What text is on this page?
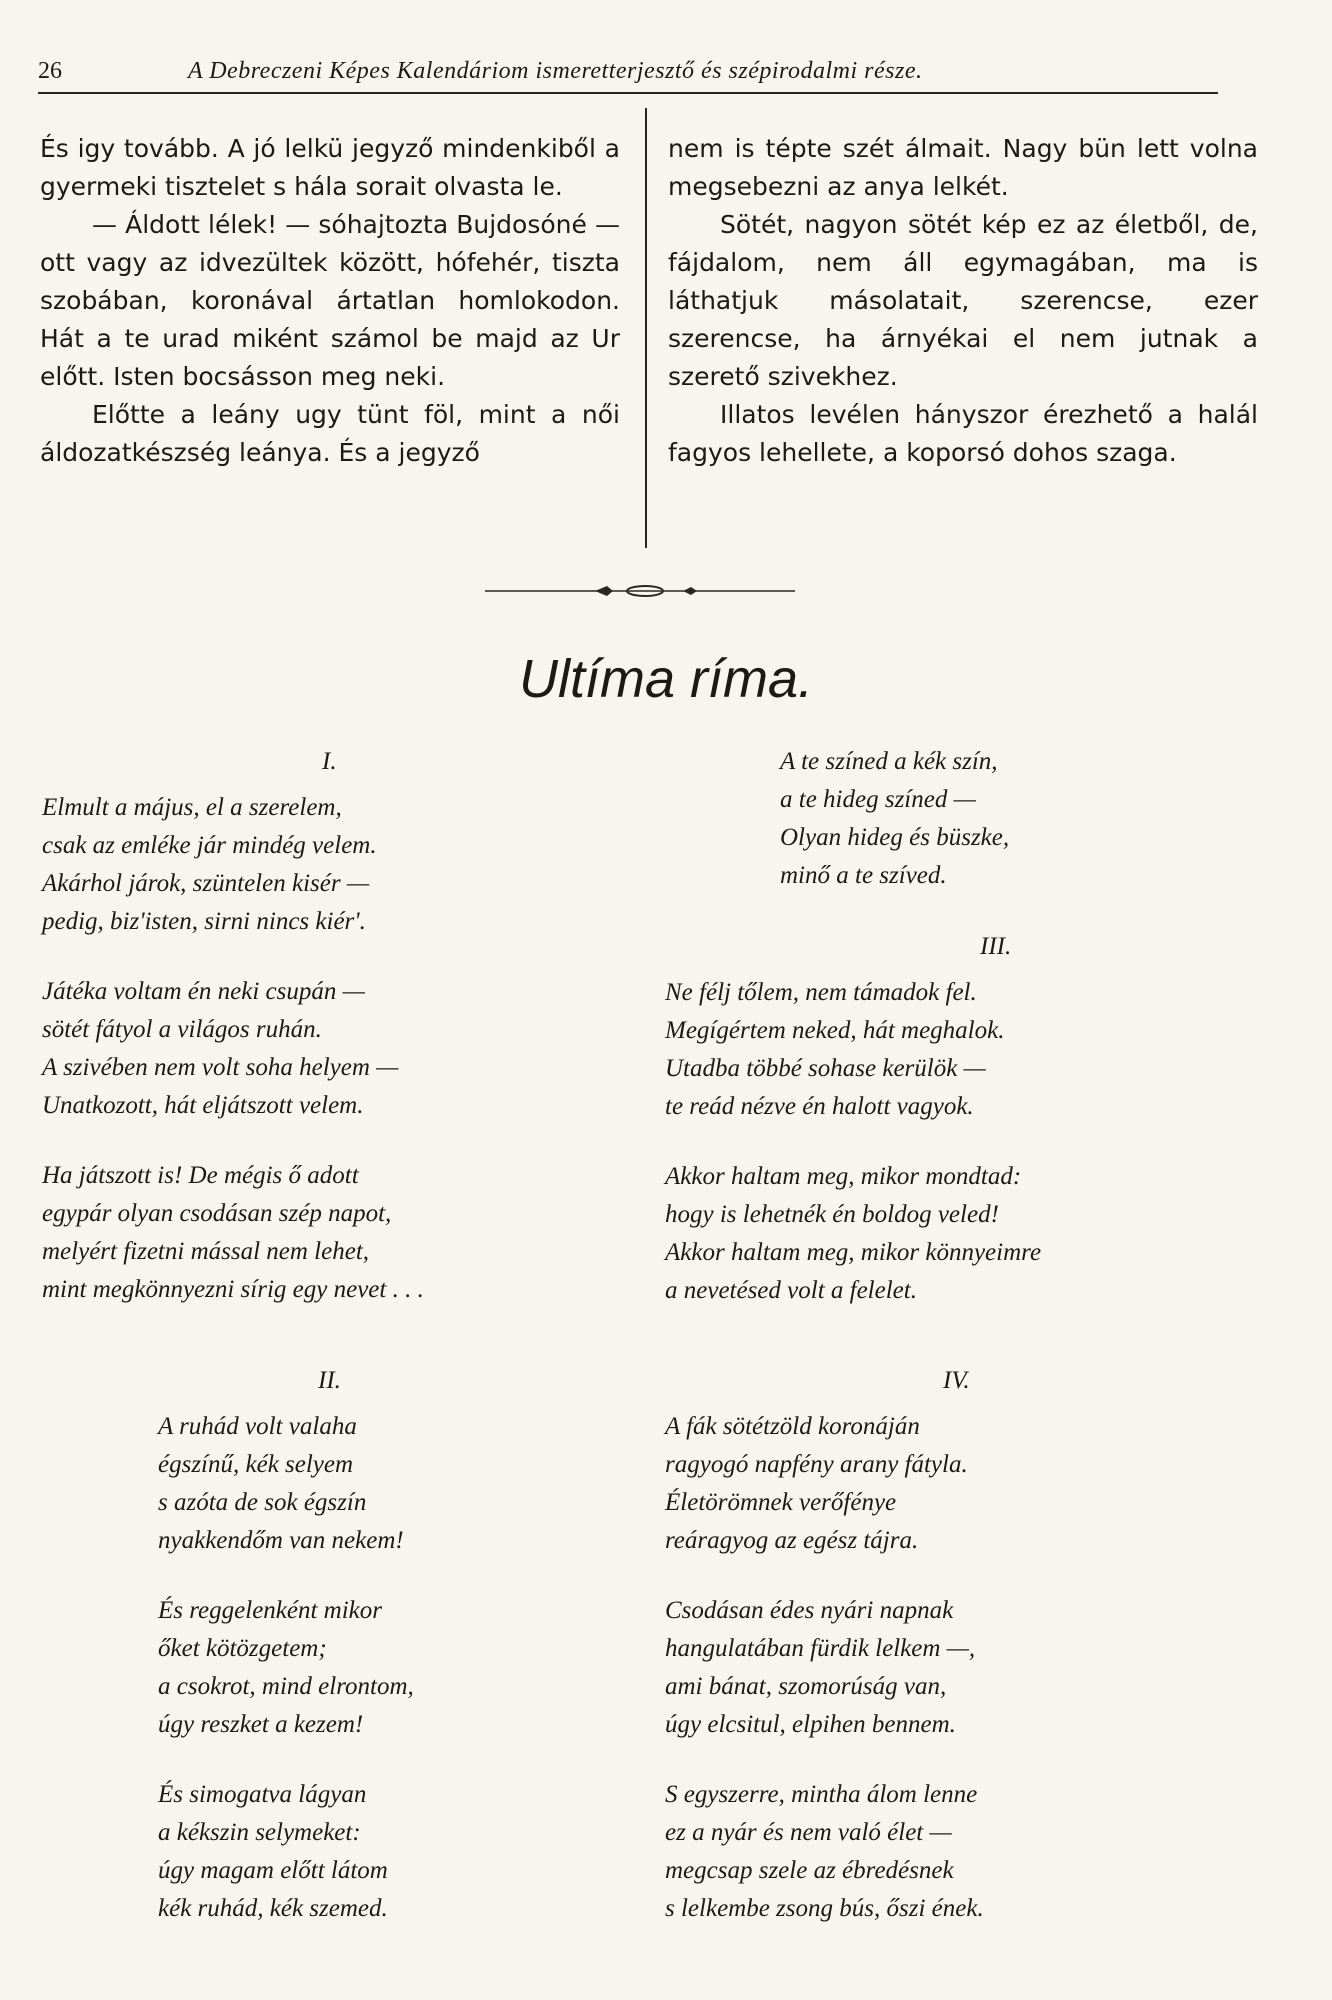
26	A Debreczeni Képes Kalendáriom ismeretterjesztő és szépirodalmi része.

És igy tovább. A jó lelkü jegyző mindenkiből a gyermeki tisztelet s hála sorait olvasta le.

— Áldott lélek! — sóhajtozta Bujdosóné — ott vagy az idvezültek között, hófehér, tiszta szobában, koronával ártatlan homlokodon. Hát a te urad miként számol be majd az Ur előtt. Isten bocsásson meg neki.

Előtte a leány ugy tünt föl, mint a női áldozatkészség leánya. És a jegyző

nem is tépte szét álmait. Nagy bün lett volna megsebezni az anya lelkét.

Sötét, nagyon sötét kép ez az életből, de, fájdalom, nem áll egymagában, ma is láthatjuk másolatait, szerencse, ezer szerencse, ha árnyékai el nem jutnak a szerető szivekhez.

Illatos levélen hányszor érezhető a halál fagyos lehellete, a koporsó dohos szaga.

Ultíma ríma.
I.
Elmult a május, el a szerelem,
csak az emléke jár mindég velem.
Akárhol járok, szüntelen kisér —
pedig, biz'isten, sirni nincs kiér'.
Játéka voltam én neki csupán —
sötét fátyol a világos ruhán.
A szivében nem volt soha helyem —
Unatkozott, hát eljátszott velem.
Ha játszott is! De mégis ő adott
egypár olyan csodásan szép napot,
melyért fizetni mással nem lehet,
mint megkönnyezni sírig egy nevet . . .
A te színed a kék szín,
a te hideg színed —
Olyan hideg és büszke,
minő a te szíved.
III.
Ne félj tőlem, nem támadok fel.
Megígértem neked, hát meghalok.
Utadba többé sohase kerülök —
te reád nézve én halott vagyok.
Akkor haltam meg, mikor mondtad:
hogy is lehetnék én boldog veled!
Akkor haltam meg, mikor könnyeimre
a nevetésed volt a felelet.
II.
A ruhád volt valaha
égszínű, kék selyem
s azóta de sok égszín
nyakkendőm van nekem!
És reggelenként mikor
őket kötözgetem;
a csokrot, mind elrontom,
úgy reszket a kezem!
És simogatva lágyan
a kékszin selymeket:
úgy magam előtt látom
kék ruhád, kék szemed.
IV.
A fák sötétzöld koronáján
ragyogó napfény arany fátyla.
Életörömnek verőfénye
reáragyog az egész tájra.
Csodásan édes nyári napnak
hangulatában fürdik lelkem —,
ami bánat, szomorúság van,
úgy elcsitul, elpihen bennem.
S egyszerre, mintha álom lenne
ez a nyár és nem való élet —
megcsap szele az ébredésnek
s lelkembe zsong bús, őszi ének.
